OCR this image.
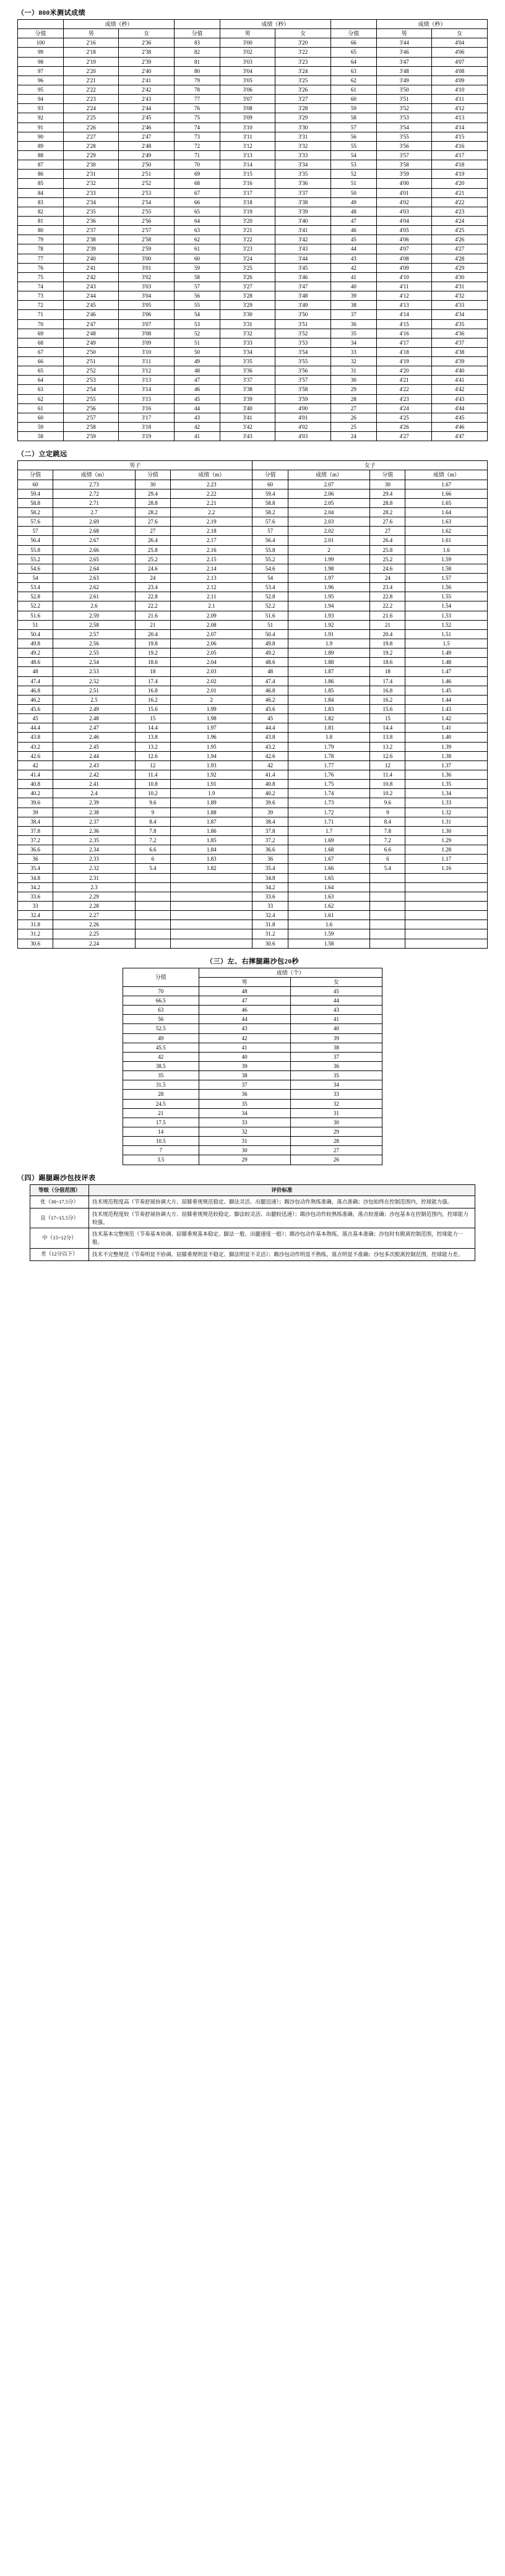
（一）800米测试成绩
	成绩（秒）			成绩（秒）			成绩（秒）	
分值	男	女	分值	男	女	分值	男	女
100	2'16	2'36	83	3'00	3'20	66	3'44	4'04
99	2'18	2'38	82	3'02	3'22	65	3'46	4'06
98	2'19	2'39	81	3'03	3'23	64	3'47	4'07
97	2'20	2'40	80	3'04	3'24	63	3'48	4'08
96	2'21	2'41	79	3'05	3'25	62	3'49	4'09
95	2'22	2'42	78	3'06	3'26	61	3'50	4'10
94	2'23	2'43	77	3'07	3'27	60	3'51	4'11
93	2'24	2'44	76	3'08	3'28	59	3'52	4'12
92	2'25	2'45	75	3'09	3'29	58	3'53	4'13
91	2'26	2'46	74	3'10	3'30	57	3'54	4'14
90	2'27	2'47	73	3'11	3'31	56	3'55	4'15
89	2'28	2'48	72	3'12	3'32	55	3'56	4'16
88	2'29	2'49	71	3'13	3'33	54	3'57	4'17
87	2'30	2'50	70	3'14	3'34	53	3'58	4'18
86	2'31	2'51	69	3'15	3'35	52	3'59	4'19
85	2'32	2'52	68	3'16	3'36	51	4'00	4'20
84	2'33	2'53	67	3'17	3'37	50	4'01	4'21
83	2'34	2'54	66	3'18	3'38	49	4'02	4'22
82	2'35	2'55	65	3'19	3'39	48	4'03	4'23
81	2'36	2'56	64	3'20	3'40	47	4'04	4'24
80	2'37	2'57	63	3'21	3'41	46	4'05	4'25
79	2'38	2'58	62	3'22	3'42	45	4'06	4'26
78	2'39	2'59	61	3'23	3'43	44	4'07	4'27
77	2'40	3'00	60	3'24	3'44	43	4'08	4'28
76	2'41	3'01	59	3'25	3'45	42	4'09	4'29
75	2'42	3'02	58	3'26	3'46	41	4'10	4'30
74	2'43	3'03	57	3'27	3'47	40	4'11	4'31
73	2'44	3'04	56	3'28	3'48	39	4'12	4'32
72	2'45	3'05	55	3'29	3'49	38	4'13	4'33
71	2'46	3'06	54	3'30	3'50	37	4'14	4'34
70	2'47	3'07	53	3'31	3'51	36	4'15	4'35
69	2'48	3'08	52	3'32	3'52	35	4'16	4'36
68	2'49	3'09	51	3'33	3'53	34	4'17	4'37
67	2'50	3'10	50	3'34	3'54	33	4'18	4'38
66	2'51	3'11	49	3'35	3'55	32	4'19	4'39
65	2'52	3'12	48	3'36	3'56	31	4'20	4'40
64	2'53	3'13	47	3'37	3'57	30	4'21	4'41
63	2'54	3'14	46	3'38	3'58	29	4'22	4'42
62	2'55	3'15	45	3'39	3'59	28	4'23	4'43
61	2'56	3'16	44	3'40	4'00	27	4'24	4'44
60	2'57	3'17	43	3'41	4'01	26	4'25	4'45
59	2'58	3'18	42	3'42	4'02	25	4'26	4'46
58	2'59	3'19	41	3'43	4'03	24	4'27	4'47
（二）立定跳远
男子				女子			
分值	成绩（m）	分值	成绩（m）	分值	成绩（m）	分值	成绩（m）
60	2.73	30	2.23	60	2.07	30	1.67
59.4	2.72	29.4	2.22	59.4	2.06	29.4	1.66
58.8	2.71	28.8	2.21	58.8	2.05	28.8	1.65
58.2	2.7	28.2	2.2	58.2	2.04	28.2	1.64
57.6	2.69	27.6	2.19	57.6	2.03	27.6	1.63
57	2.68	27	2.18	57	2.02	27	1.62
56.4	2.67	26.4	2.17	56.4	2.01	26.4	1.61
55.8	2.66	25.8	2.16	55.8	2	25.8	1.6
55.2	2.65	25.2	2.15	55.2	1.99	25.2	1.59
54.6	2.64	24.6	2.14	54.6	1.98	24.6	1.58
54	2.63	24	2.13	54	1.97	24	1.57
53.4	2.62	23.4	2.12	53.4	1.96	23.4	1.56
52.8	2.61	22.8	2.11	52.8	1.95	22.8	1.55
52.2	2.6	22.2	2.1	52.2	1.94	22.2	1.54
51.6	2.59	21.6	2.09	51.6	1.93	21.6	1.53
51	2.58	21	2.08	51	1.92	21	1.52
50.4	2.57	20.4	2.07	50.4	1.91	20.4	1.51
49.8	2.56	19.8	2.06	49.8	1.9	19.8	1.5
49.2	2.55	19.2	2.05	49.2	1.89	19.2	1.49
48.6	2.54	18.6	2.04	48.6	1.88	18.6	1.48
48	2.53	18	2.03	48	1.87	18	1.47
47.4	2.52	17.4	2.02	47.4	1.86	17.4	1.46
46.8	2.51	16.8	2.01	46.8	1.85	16.8	1.45
46.2	2.5	16.2	2	46.2	1.84	16.2	1.44
45.6	2.49	15.6	1.99	45.6	1.83	15.6	1.43
45	2.48	15	1.98	45	1.82	15	1.42
44.4	2.47	14.4	1.97	44.4	1.81	14.4	1.41
43.8	2.46	13.8	1.96	43.8	1.8	13.8	1.40
43.2	2.45	13.2	1.95	43.2	1.79	13.2	1.39
42.6	2.44	12.6	1.94	42.6	1.78	12.6	1.38
42	2.43	12	1.93	42	1.77	12	1.37
41.4	2.42	11.4	1.92	41.4	1.76	11.4	1.36
40.8	2.41	10.8	1.91	40.8	1.75	10.8	1.35
40.2	2.4	10.2	1.9	40.2	1.74	10.2	1.34
39.6	2.39	9.6	1.89	39.6	1.73	9.6	1.33
39	2.38	9	1.88	39	1.72	9	1.32
38.4	2.37	8.4	1.87	38.4	1.71	8.4	1.31
37.8	2.36	7.8	1.86	37.8	1.7	7.8	1.30
37.2	2.35	7.2	1.85	37.2	1.69	7.2	1.29
36.6	2.34	6.6	1.84	36.6	1.68	6.6	1.28
36	2.33	6	1.83	36	1.67	6	1.17
35.4	2.32	5.4	1.82	35.4	1.66	5.4	1.16
34.8	2.31			34.8	1.65		
34.2	2.3			34.2	1.64		
33.6	2.29			33.6	1.63		
33	2.28			33	1.62		
32.4	2.27			32.4	1.61		
31.8	2.26			31.8	1.6		
31.2	2.25			31.2	1.59		
30.6	2.24			30.6	1.58		
（三）左、右摔腿踢沙包20秒
分值	成绩（个）	
	男	女
70	48	45
66.5	47	44
63	46	43
56	44	41
52.5	43	40
49	42	39
45.5	41	38
42	40	37
38.5	39	36
35	38	35
31.5	37	34
28	36	33
24.5	35	32
21	34	31
17.5	33	30
14	32	29
10.5	31	28
7	30	27
3.5	29	26
（四）踢腿踢沙包技评表
等级（分值范围）	评价标准
优（30~17.5分）	技术规范程度高（节奏舒展协调大方、屈膝垂规规范稳定、脚法灵活、出腿迅速）；踢沙包动作熟练准确，落点准确；沙包始终在控制范围内，控球能力强。
良（17~15.5分）	技术规范程度较（节奏舒展协调大方、屈膝垂规规范较稳定、脚法较灵活、出腿较迅速）；踢沙包动作较熟练准确，落点较准确；沙包基本在控制范围内，控球能力较强。
中（15~12分）	技术基本完整规范（节奏基本协调、屈膝垂规基本稳定、脚法一般、出腿速度一般）；踢沙包动作基本熟练，落点基本准确；沙包时有脱离控制范围，控球能力一般。
差（12分以下）	技术不完整规范（节奏明显不协调、屈膝垂规明显不稳定、脚法明显不灵活）；踢沙包动作明显不熟练，落点明显不准确；沙包多次脱离控制范围，控球能力差。
